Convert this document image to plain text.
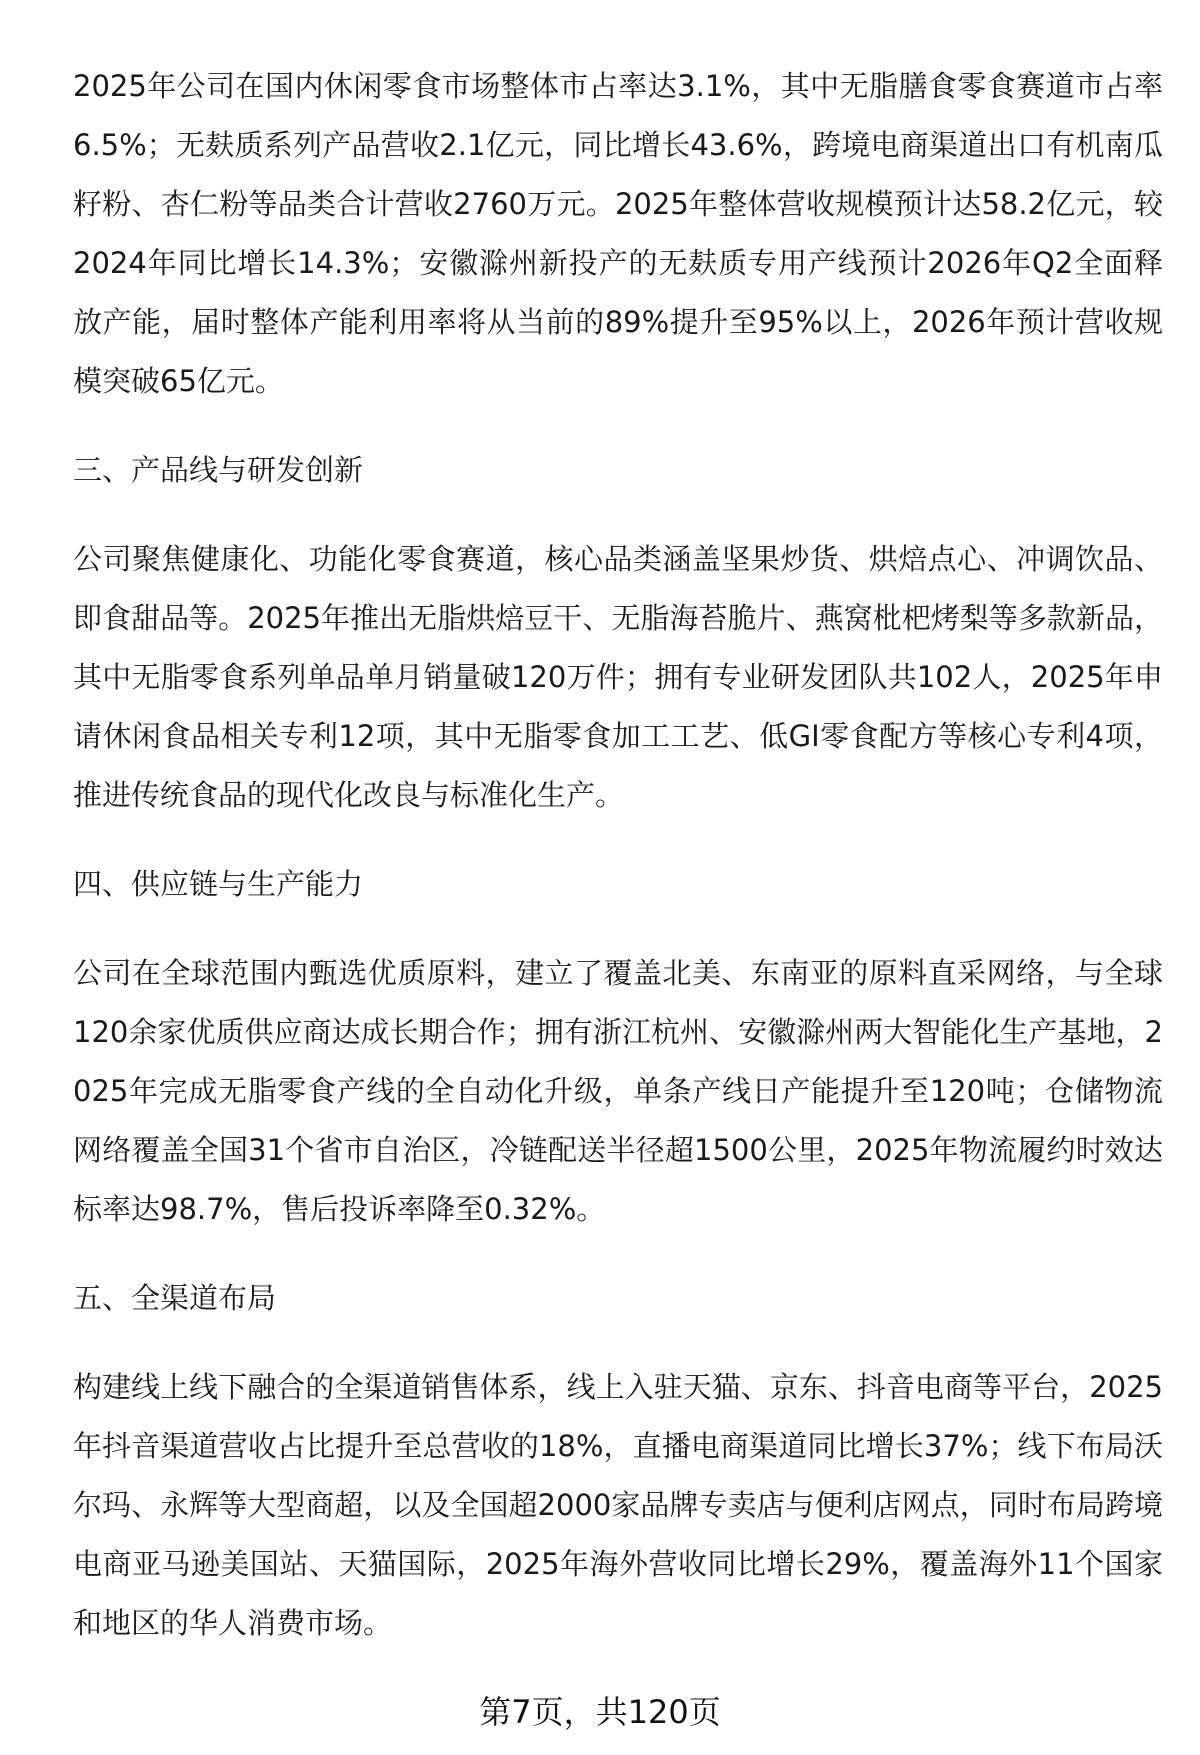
2025年公司在国内休闲零食市场整体市占率达3.1%，其中无脂膳食零食赛道市占率6.5%；无麸质系列产品营收2.1亿元，同比增长43.6%，跨境电商渠道出口有机南瓜籽粉、杏仁粉等品类合计营收2760万元。2025年整体营收规模预计达58.2亿元，较2024年同比增长14.3%；安徽滁州新投产的无麸质专用产线预计2026年Q2全面释放产能，届时整体产能利用率将从当前的89%提升至95%以上，2026年预计营收规模突破65亿元。

三、产品线与研发创新

公司聚焦健康化、功能化零食赛道，核心品类涵盖坚果炒货、烘焙点心、冲调饮品、即食甜品等。2025年推出无脂烘焙豆干、无脂海苔脆片、燕窝枇杷烤梨等多款新品，其中无脂零食系列单品单月销量破120万件；拥有专业研发团队共102人，2025年申请休闲食品相关专利12项，其中无脂零食加工工艺、低GI零食配方等核心专利4项，推进传统食品的现代化改良与标准化生产。

四、供应链与生产能力

公司在全球范围内甄选优质原料，建立了覆盖北美、东南亚的原料直采网络，与全球120余家优质供应商达成长期合作；拥有浙江杭州、安徽滁州两大智能化生产基地，2025年完成无脂零食产线的全自动化升级，单条产线日产能提升至120吨；仓储物流网络覆盖全国31个省市自治区，冷链配送半径超1500公里，2025年物流履约时效达标率达98.7%，售后投诉率降至0.32%。

五、全渠道布局

构建线上线下融合的全渠道销售体系，线上入驻天猫、京东、抖音电商等平台，2025年抖音渠道营收占比提升至总营收的18%，直播电商渠道同比增长37%；线下布局沃尔玛、永辉等大型商超，以及全国超2000家品牌专卖店与便利店网点，同时布局跨境电商亚马逊美国站、天猫国际，2025年海外营收同比增长29%，覆盖海外11个国家和地区的华人消费市场。

第7页，共120页
